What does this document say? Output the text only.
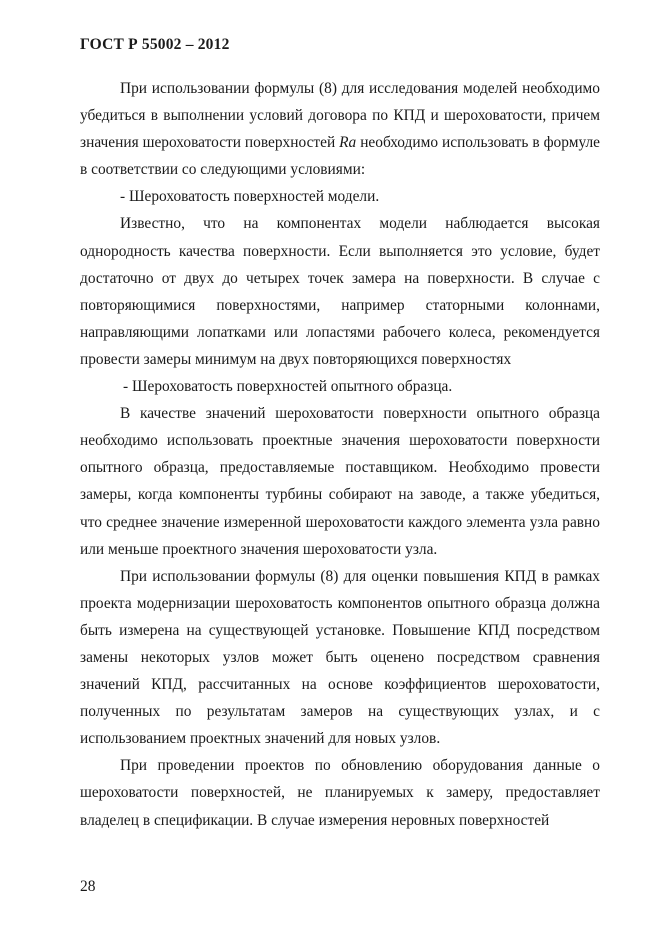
ГОСТ Р 55002 – 2012

При использовании формулы (8) для исследования моделей необходимо убедиться в выполнении условий договора по КПД и шероховатости, причем значения шероховатости поверхностей Ra необходимо использовать в формуле в соответствии со следующими условиями:

- Шероховатость поверхностей модели.

Известно, что на компонентах модели наблюдается высокая однородность качества поверхности. Если выполняется это условие, будет достаточно от двух до четырех точек замера на поверхности. В случае с повторяющимися поверхностями, например статорными колоннами, направляющими лопатками или лопастями рабочего колеса, рекомендуется провести замеры минимум на двух повторяющихся поверхностях

- Шероховатость поверхностей опытного образца.

В качестве значений шероховатости поверхности опытного образца необходимо использовать проектные значения шероховатости поверхности опытного образца, предоставляемые поставщиком. Необходимо провести замеры, когда компоненты турбины собирают на заводе, а также убедиться, что среднее значение измеренной шероховатости каждого элемента узла равно или меньше проектного значения шероховатости узла.

При использовании формулы (8) для оценки повышения КПД в рамках проекта модернизации шероховатость компонентов опытного образца должна быть измерена на существующей установке. Повышение КПД посредством замены некоторых узлов может быть оценено посредством сравнения значений КПД, рассчитанных на основе коэффициентов шероховатости, полученных по результатам замеров на существующих узлах, и с использованием проектных значений для новых узлов.

При проведении проектов по обновлению оборудования данные о шероховатости поверхностей, не планируемых к замеру, предоставляет владелец в спецификации. В случае измерения неровных поверхностей

28
